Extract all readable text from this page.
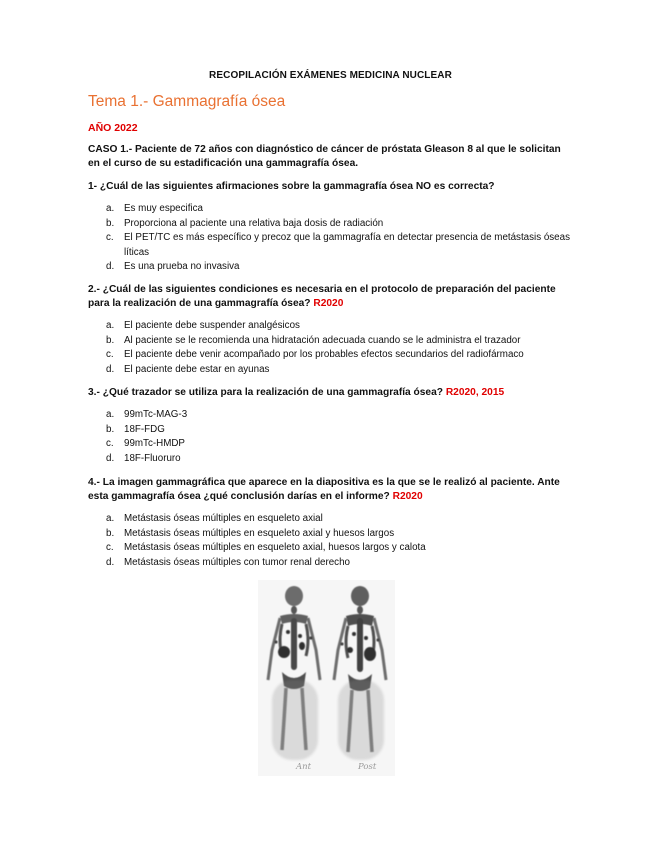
RECOPILACIÓN EXÁMENES MEDICINA NUCLEAR
Tema 1.- Gammagrafía ósea
AÑO 2022
CASO 1.- Paciente de 72 años con diagnóstico de cáncer de próstata Gleason 8 al que le solicitan en el curso de su estadificación una gammagrafía ósea.
1- ¿Cuál de las siguientes afirmaciones sobre la gammagrafía ósea NO es correcta?
a. Es muy especifica
b. Proporciona al paciente una relativa baja dosis de radiación
c. El PET/TC es más específico y precoz que la gammagrafía en detectar presencia de metástasis óseas líticas
d. Es una prueba no invasiva
2.- ¿Cuál de las siguientes condiciones es necesaria en el protocolo de preparación del paciente para la realización de una gammagrafía ósea? R2020
a. El paciente debe suspender analgésicos
b. Al paciente se le recomienda una hidratación adecuada cuando se le administra el trazador
c. El paciente debe venir acompañado por los probables efectos secundarios del radiofármaco
d. El paciente debe estar en ayunas
3.- ¿Qué trazador se utiliza para la realización de una gammagrafía ósea? R2020, 2015
a. 99mTc-MAG-3
b. 18F-FDG
c. 99mTc-HMDP
d. 18F-Fluoruro
4.- La imagen gammagráfica que aparece en la diapositiva es la que se le realizó al paciente. Ante esta gammagrafía ósea ¿qué conclusión darías en el informe? R2020
a. Metástasis óseas múltiples en esqueleto axial
b. Metástasis óseas múltiples en esqueleto axial y huesos largos
c. Metástasis óseas múltiples en esqueleto axial, huesos largos y calota
d. Metástasis óseas múltiples con tumor renal derecho
Ant	Post
